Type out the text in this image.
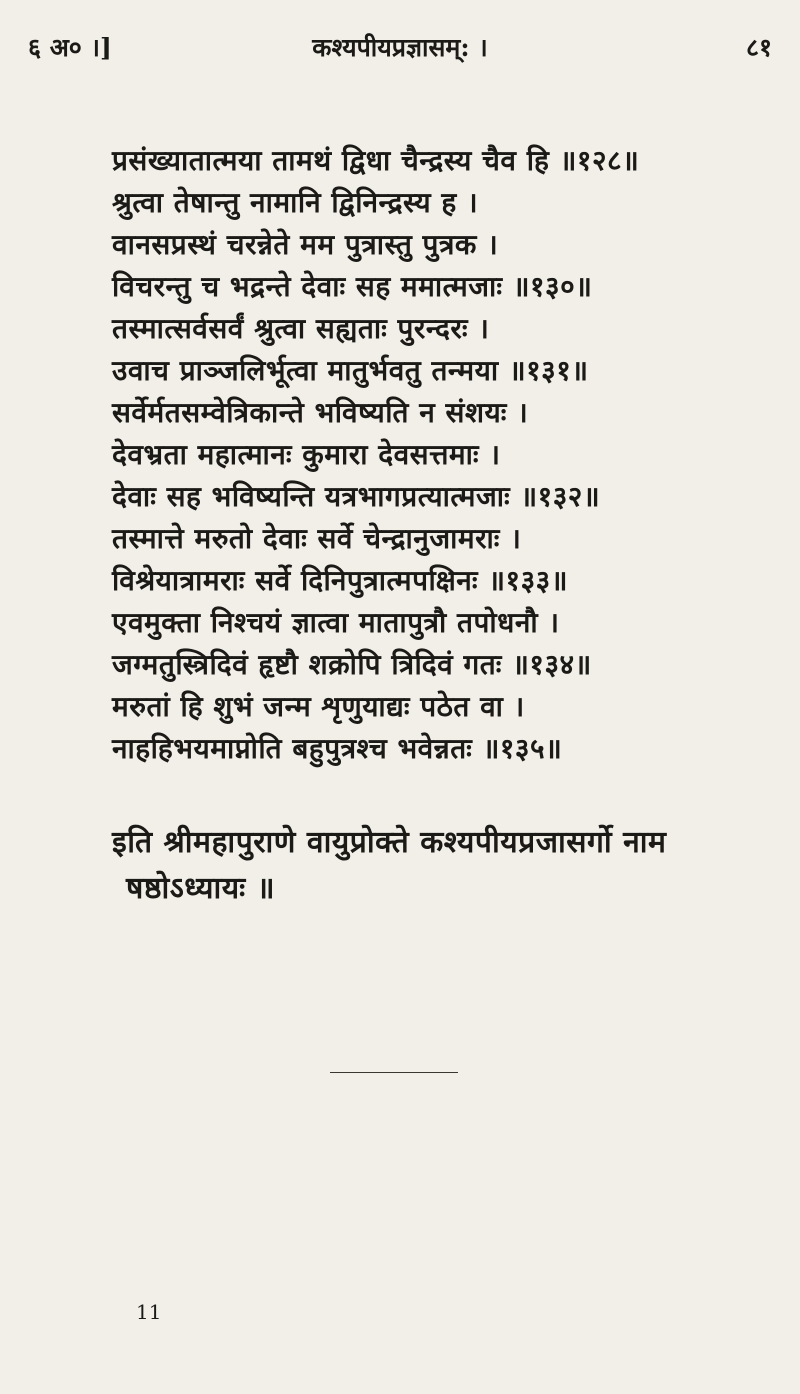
६ अ० ।]	कश्यपीयप्रज्ञासम्: ।	८१
प्रसंख्यातात्मया तामथं द्विधा चैन्द्रस्य चैव हि ॥१२८॥
श्रुत्वा तेषान्तु नामानि द्विनिन्द्रस्य ह ।
वानसप्रस्थं चरन्नेते मम पुत्रास्तु पुत्रक ।
विचरन्तु च भद्रन्ते देवाः सह ममात्मजाः ॥१३०॥
तस्मात्सर्वसर्वं श्रुत्वा सह्यताः पुरन्दरः ।
उवाच प्राञ्जलिर्भूत्वा मातुर्भवतु तन्मया ॥१३१॥
सर्वेर्मतसम्वेत्रिकान्ते भविष्यति न संशयः ।
देवभ्रता महात्मानः कुमारा देवसत्तमाः ।
देवाः सह भविष्यन्ति यत्रभागप्रत्यात्मजाः ॥१३२॥
तस्मात्ते मरुतो देवाः सर्वे चेन्द्रानुजामराः ।
विश्रेयात्रामराः सर्वे दिनिपुत्रात्मपक्षिनः ॥१३३॥
एवमुक्ता निश्चयं ज्ञात्वा मातापुत्रौ तपोधनौ ।
जग्मतुस्त्रिदिवं हृष्टौ शक्रोपि त्रिदिवं गतः ॥१३४॥
मरुतां हि शुभं जन्म शृणुयाद्यः पठेत वा ।
नाहहिभयमाप्नोति बहुपुत्रश्च भवेन्नतः ॥१३५॥
इति श्रीमहापुराणे वायुप्रोक्ते कश्यपीयप्रजासर्गो नाम
षष्ठोऽध्यायः ॥
11
